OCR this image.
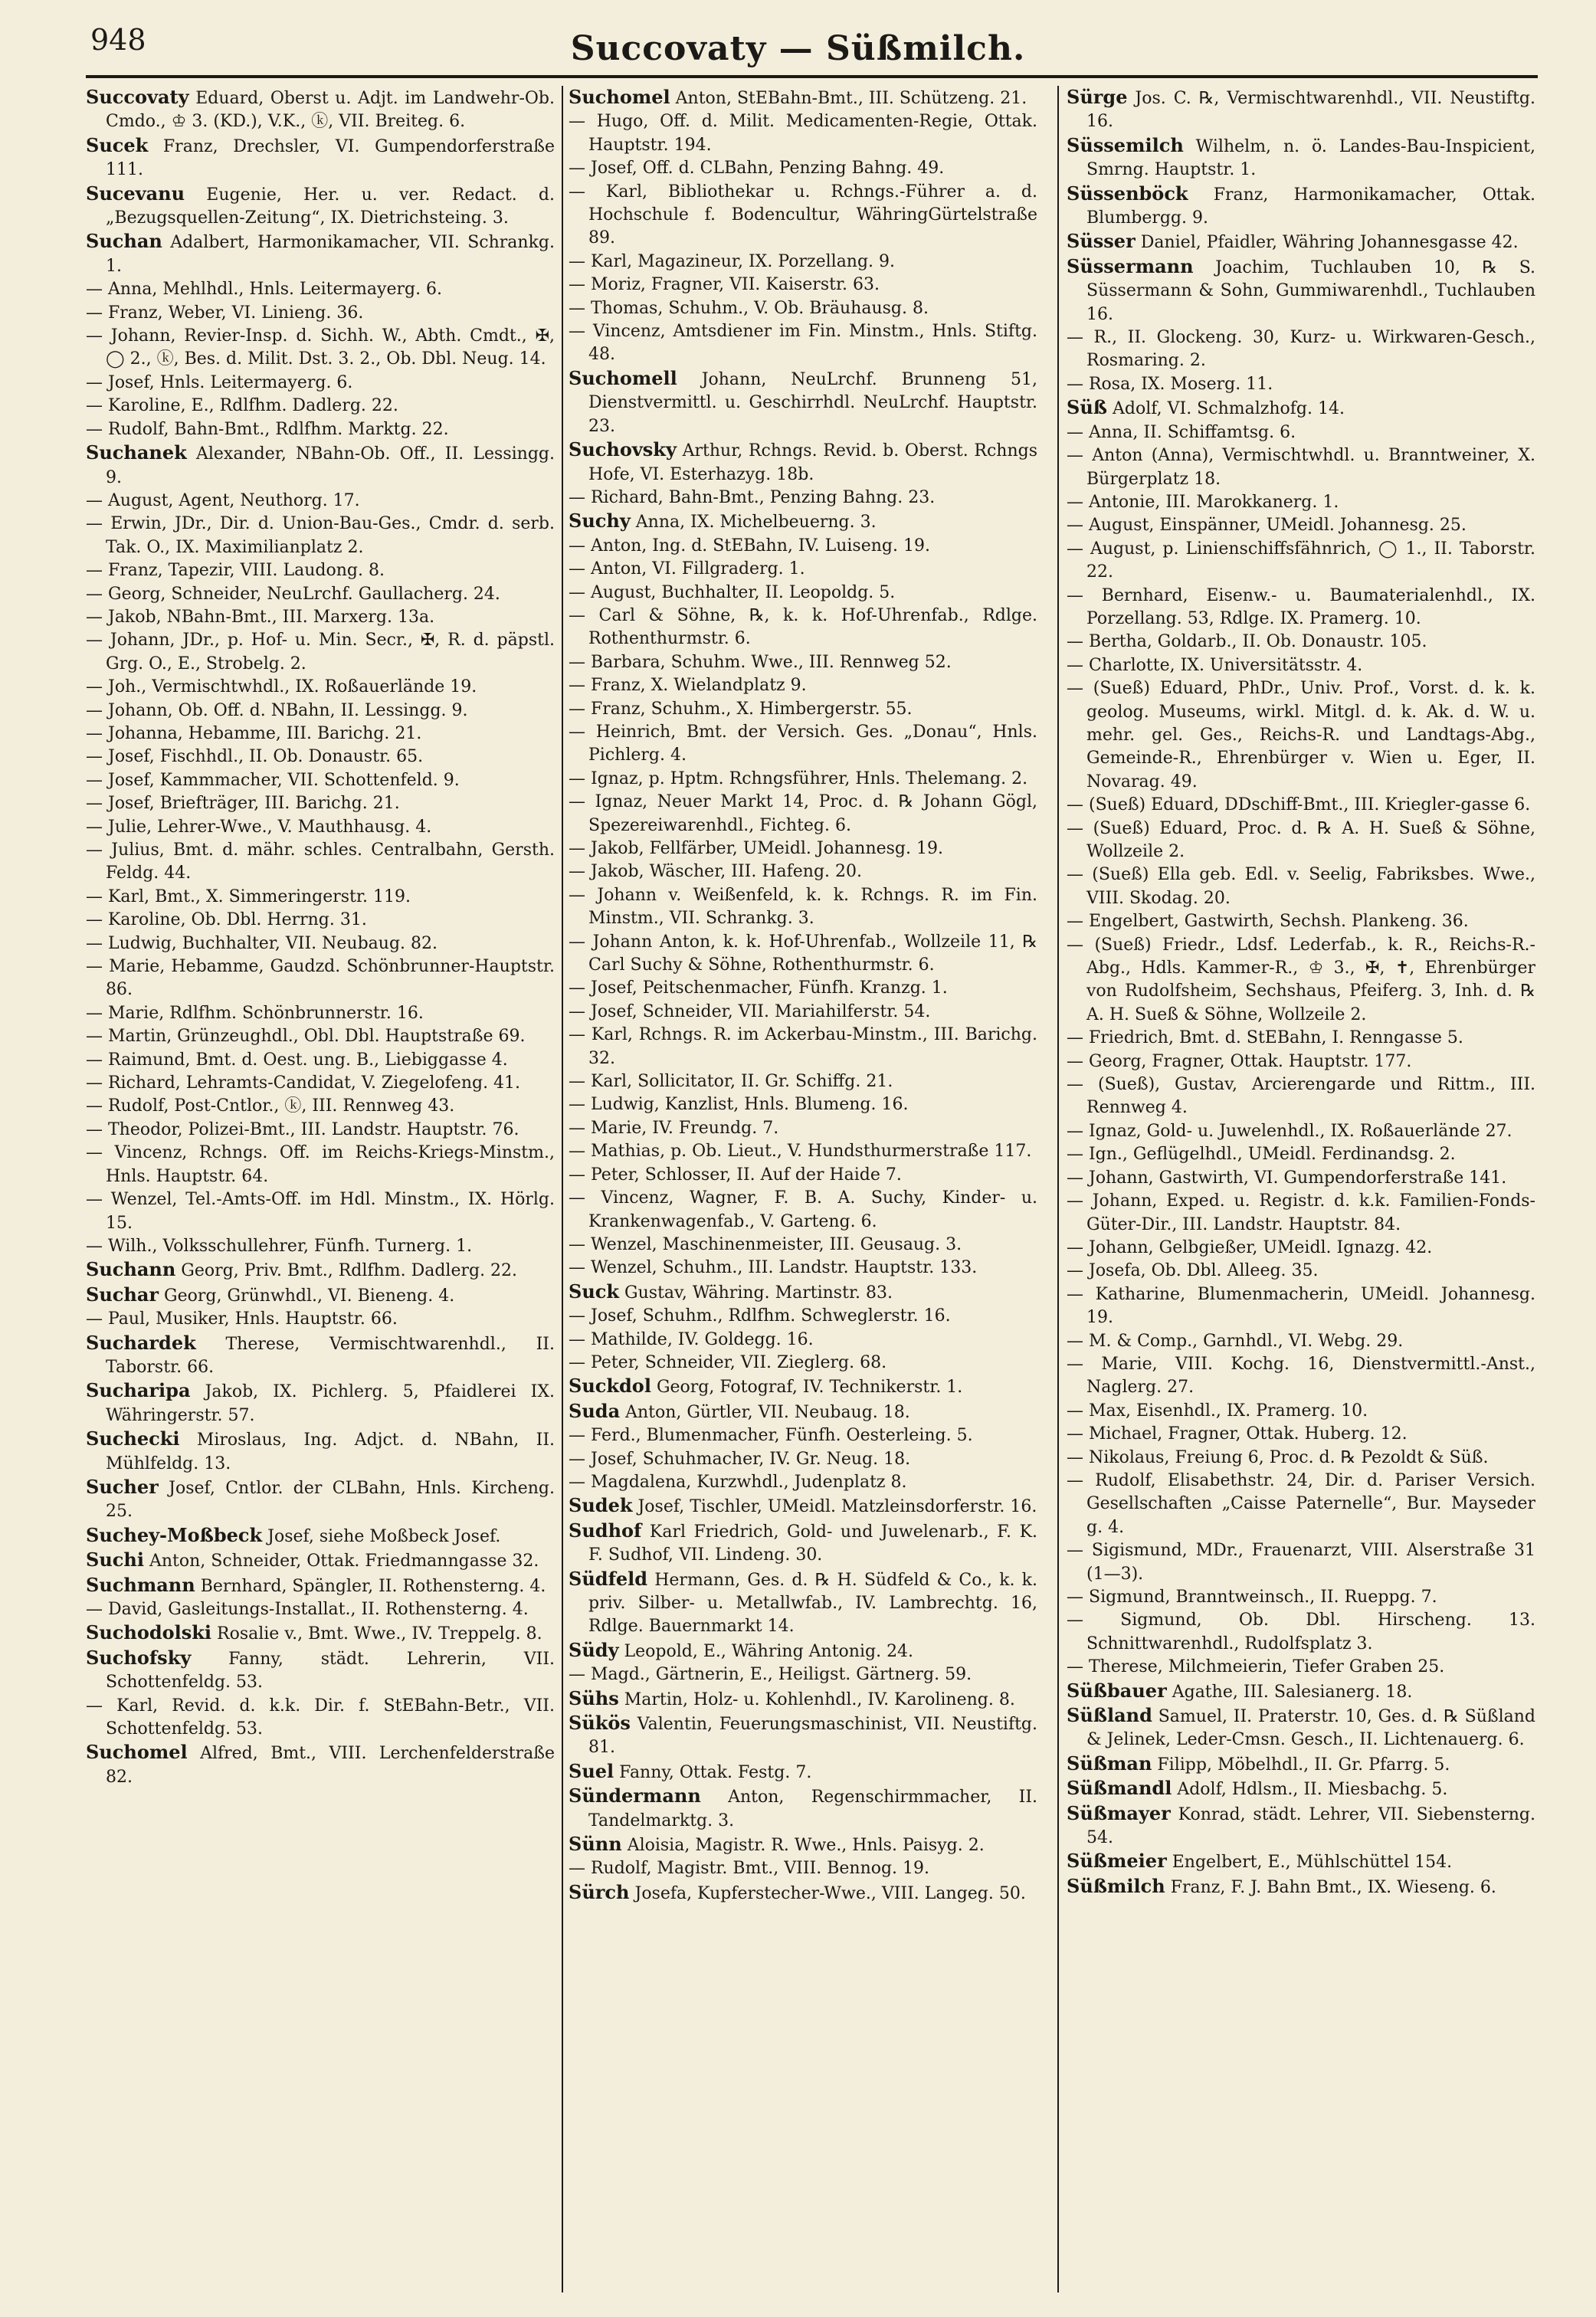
948	Succovaty — Süßmilch.

Succovaty Eduard, Oberst u. Adjt. im Landwehr-Ob. Cmdo., ♔ 3. (KD.), V.K., ⓚ, VII. Breiteg. 6.

Sucek Franz, Drechsler, VI. Gumpendorferstraße 111.

Sucevanu Eugenie, Her. u. ver. Redact. d. „Bezugsquellen-Zeitung“, IX. Dietrichsteing. 3.

Suchan Adalbert, Harmonikamacher, VII. Schrankg. 1.

— Anna, Mehlhdl., Hnls. Leitermayerg. 6.

— Franz, Weber, VI. Linieng. 36.

— Johann, Revier-Insp. d. Sichh. W., Abth. Cmdt., ✠, ◯ 2., ⓚ, Bes. d. Milit. Dst. 3. 2., Ob. Dbl. Neug. 14.

— Josef, Hnls. Leitermayerg. 6.

— Karoline, E., Rdlfhm. Dadlerg. 22.

— Rudolf, Bahn-Bmt., Rdlfhm. Marktg. 22.

Suchanek Alexander, NBahn-Ob. Off., II. Lessingg. 9.

— August, Agent, Neuthorg. 17.

— Erwin, JDr., Dir. d. Union-Bau-Ges., Cmdr. d. serb. Tak. O., IX. Maximilianplatz 2.

— Franz, Tapezir, VIII. Laudong. 8.

— Georg, Schneider, NeuLrchf. Gaullacherg. 24.

— Jakob, NBahn-Bmt., III. Marxerg. 13a.

— Johann, JDr., p. Hof- u. Min. Secr., ✠, R. d. päpstl. Grg. O., E., Strobelg. 2.

— Joh., Vermischtwhdl., IX. Roßauerlände 19.

— Johann, Ob. Off. d. NBahn, II. Lessingg. 9.

— Johanna, Hebamme, III. Barichg. 21.

— Josef, Fischhdl., II. Ob. Donaustr. 65.

— Josef, Kammmacher, VII. Schottenfeld. 9.

— Josef, Briefträger, III. Barichg. 21.

— Julie, Lehrer-Wwe., V. Mauthhausg. 4.

— Julius, Bmt. d. mähr. schles. Centralbahn, Gersth. Feldg. 44.

— Karl, Bmt., X. Simmeringerstr. 119.

— Karoline, Ob. Dbl. Herrng. 31.

— Ludwig, Buchhalter, VII. Neubaug. 82.

— Marie, Hebamme, Gaudzd. Schönbrunner-Hauptstr. 86.

— Marie, Rdlfhm. Schönbrunnerstr. 16.

— Martin, Grünzeughdl., Obl. Dbl. Hauptstraße 69.

— Raimund, Bmt. d. Oest. ung. B., Liebiggasse 4.

— Richard, Lehramts-Candidat, V. Ziegelofeng. 41.

— Rudolf, Post-Cntlor., ⓚ, III. Rennweg 43.

— Theodor, Polizei-Bmt., III. Landstr. Hauptstr. 76.

— Vincenz, Rchngs. Off. im Reichs-Kriegs-Minstm., Hnls. Hauptstr. 64.

— Wenzel, Tel.-Amts-Off. im Hdl. Minstm., IX. Hörlg. 15.

— Wilh., Volksschullehrer, Fünfh. Turnerg. 1.

Suchann Georg, Priv. Bmt., Rdlfhm. Dadlerg. 22.

Suchar Georg, Grünwhdl., VI. Bieneng. 4.

— Paul, Musiker, Hnls. Hauptstr. 66.

Suchardek Therese, Vermischtwarenhdl., II. Taborstr. 66.

Sucharipa Jakob, IX. Pichlerg. 5, Pfaidlerei IX. Währingerstr. 57.

Suchecki Miroslaus, Ing. Adjct. d. NBahn, II. Mühlfeldg. 13.

Sucher Josef, Cntlor. der CLBahn, Hnls. Kircheng. 25.

Suchey-Moßbeck Josef, siehe Moßbeck Josef.

Suchi Anton, Schneider, Ottak. Friedmanngasse 32.

Suchmann Bernhard, Spängler, II. Rothensterng. 4.

— David, Gasleitungs-Installat., II. Rothensterng. 4.

Suchodolski Rosalie v., Bmt. Wwe., IV. Treppelg. 8.

Suchofsky Fanny, städt. Lehrerin, VII. Schottenfeldg. 53.

— Karl, Revid. d. k.k. Dir. f. StEBahn-Betr., VII. Schottenfeldg. 53.

Suchomel Alfred, Bmt., VIII. Lerchenfelderstraße 82.

Suchomel Anton, StEBahn-Bmt., III. Schützeng. 21.

— Hugo, Off. d. Milit. Medicamenten-Regie, Ottak. Hauptstr. 194.

— Josef, Off. d. CLBahn, Penzing Bahng. 49.

— Karl, Bibliothekar u. Rchngs.-Führer a. d. Hochschule f. Bodencultur, WähringGürtelstraße 89.

— Karl, Magazineur, IX. Porzellang. 9.

— Moriz, Fragner, VII. Kaiserstr. 63.

— Thomas, Schuhm., V. Ob. Bräuhausg. 8.

— Vincenz, Amtsdiener im Fin. Minstm., Hnls. Stiftg. 48.

Suchomell Johann, NeuLrchf. Brunneng 51, Dienstvermittl. u. Geschirrhdl. NeuLrchf. Hauptstr. 23.

Suchovsky Arthur, Rchngs. Revid. b. Oberst. Rchngs Hofe, VI. Esterhazyg. 18b.

— Richard, Bahn-Bmt., Penzing Bahng. 23.

Suchy Anna, IX. Michelbeuerng. 3.

— Anton, Ing. d. StEBahn, IV. Luiseng. 19.

— Anton, VI. Fillgraderg. 1.

— August, Buchhalter, II. Leopoldg. 5.

— Carl & Söhne, ℞, k. k. Hof-Uhrenfab., Rdlge. Rothenthurmstr. 6.

— Barbara, Schuhm. Wwe., III. Rennweg 52.

— Franz, X. Wielandplatz 9.

— Franz, Schuhm., X. Himbergerstr. 55.

— Heinrich, Bmt. der Versich. Ges. „Donau“, Hnls. Pichlerg. 4.

— Ignaz, p. Hptm. Rchngsführer, Hnls. Thelemang. 2.

— Ignaz, Neuer Markt 14, Proc. d. ℞ Johann Gögl, Spezereiwarenhdl., Fichteg. 6.

— Jakob, Fellfärber, UMeidl. Johannesg. 19.

— Jakob, Wäscher, III. Hafeng. 20.

— Johann v. Weißenfeld, k. k. Rchngs. R. im Fin. Minstm., VII. Schrankg. 3.

— Johann Anton, k. k. Hof-Uhrenfab., Wollzeile 11, ℞ Carl Suchy & Söhne, Rothenthurmstr. 6.

— Josef, Peitschenmacher, Fünfh. Kranzg. 1.

— Josef, Schneider, VII. Mariahilferstr. 54.

— Karl, Rchngs. R. im Ackerbau-Minstm., III. Barichg. 32.

— Karl, Sollicitator, II. Gr. Schiffg. 21.

— Ludwig, Kanzlist, Hnls. Blumeng. 16.

— Marie, IV. Freundg. 7.

— Mathias, p. Ob. Lieut., V. Hundsthurmerstraße 117.

— Peter, Schlosser, II. Auf der Haide 7.

— Vincenz, Wagner, F. B. A. Suchy, Kinder- u. Krankenwagenfab., V. Garteng. 6.

— Wenzel, Maschinenmeister, III. Geusaug. 3.

— Wenzel, Schuhm., III. Landstr. Hauptstr. 133.

Suck Gustav, Währing. Martinstr. 83.

— Josef, Schuhm., Rdlfhm. Schweglerstr. 16.

— Mathilde, IV. Goldegg. 16.

— Peter, Schneider, VII. Zieglerg. 68.

Suckdol Georg, Fotograf, IV. Technikerstr. 1.

Suda Anton, Gürtler, VII. Neubaug. 18.

— Ferd., Blumenmacher, Fünfh. Oesterleing. 5.

— Josef, Schuhmacher, IV. Gr. Neug. 18.

— Magdalena, Kurzwhdl., Judenplatz 8.

Sudek Josef, Tischler, UMeidl. Matzleinsdorferstr. 16.

Sudhof Karl Friedrich, Gold- und Juwelenarb., F. K. F. Sudhof, VII. Lindeng. 30.

Südfeld Hermann, Ges. d. ℞ H. Südfeld & Co., k. k. priv. Silber- u. Metallwfab., IV. Lambrechtg. 16, Rdlge. Bauernmarkt 14.

Südy Leopold, E., Währing Antonig. 24.

— Magd., Gärtnerin, E., Heiligst. Gärtnerg. 59.

Sühs Martin, Holz- u. Kohlenhdl., IV. Karolineng. 8.

Sükös Valentin, Feuerungsmaschinist, VII. Neustiftg. 81.

Suel Fanny, Ottak. Festg. 7.

Sündermann Anton, Regenschirmmacher, II. Tandelmarktg. 3.

Sünn Aloisia, Magistr. R. Wwe., Hnls. Paisyg. 2.

— Rudolf, Magistr. Bmt., VIII. Bennog. 19.

Sürch Josefa, Kupferstecher-Wwe., VIII. Langeg. 50.

Sürge Jos. C. ℞, Vermischtwarenhdl., VII. Neustiftg. 16.

Süssemilch Wilhelm, n. ö. Landes-Bau-Inspicient, Smrng. Hauptstr. 1.

Süssenböck Franz, Harmonikamacher, Ottak. Blumbergg. 9.

Süsser Daniel, Pfaidler, Währing Johannesgasse 42.

Süssermann Joachim, Tuchlauben 10, ℞ S. Süssermann & Sohn, Gummiwarenhdl., Tuchlauben 16.

— R., II. Glockeng. 30, Kurz- u. Wirkwaren-Gesch., Rosmaring. 2.

— Rosa, IX. Moserg. 11.

Süß Adolf, VI. Schmalzhofg. 14.

— Anna, II. Schiffamtsg. 6.

— Anton (Anna), Vermischtwhdl. u. Branntweiner, X. Bürgerplatz 18.

— Antonie, III. Marokkanerg. 1.

— August, Einspänner, UMeidl. Johannesg. 25.

— August, p. Linienschiffsfähnrich, ◯ 1., II. Taborstr. 22.

— Bernhard, Eisenw.- u. Baumaterialenhdl., IX. Porzellang. 53, Rdlge. IX. Pramerg. 10.

— Bertha, Goldarb., II. Ob. Donaustr. 105.

— Charlotte, IX. Universitätsstr. 4.

— (Sueß) Eduard, PhDr., Univ. Prof., Vorst. d. k. k. geolog. Museums, wirkl. Mitgl. d. k. Ak. d. W. u. mehr. gel. Ges., Reichs-R. und Landtags-Abg., Gemeinde-R., Ehrenbürger v. Wien u. Eger, II. Novarag. 49.

— (Sueß) Eduard, DDschiff-Bmt., III. Kriegler-gasse 6.

— (Sueß) Eduard, Proc. d. ℞ A. H. Sueß & Söhne, Wollzeile 2.

— (Sueß) Ella geb. Edl. v. Seelig, Fabriksbes. Wwe., VIII. Skodag. 20.

— Engelbert, Gastwirth, Sechsh. Plankeng. 36.

— (Sueß) Friedr., Ldsf. Lederfab., k. R., Reichs-R.-Abg., Hdls. Kammer-R., ♔ 3., ✠, ✝, Ehrenbürger von Rudolfsheim, Sechshaus, Pfeiferg. 3, Inh. d. ℞ A. H. Sueß & Söhne, Wollzeile 2.

— Friedrich, Bmt. d. StEBahn, I. Renngasse 5.

— Georg, Fragner, Ottak. Hauptstr. 177.

— (Sueß), Gustav, Arcierengarde und Rittm., III. Rennweg 4.

— Ignaz, Gold- u. Juwelenhdl., IX. Roßauerlände 27.

— Ign., Geflügelhdl., UMeidl. Ferdinandsg. 2.

— Johann, Gastwirth, VI. Gumpendorferstraße 141.

— Johann, Exped. u. Registr. d. k.k. Familien-Fonds-Güter-Dir., III. Landstr. Hauptstr. 84.

— Johann, Gelbgießer, UMeidl. Ignazg. 42.

— Josefa, Ob. Dbl. Alleeg. 35.

— Katharine, Blumenmacherin, UMeidl. Johannesg. 19.

— M. & Comp., Garnhdl., VI. Webg. 29.

— Marie, VIII. Kochg. 16, Dienstvermittl.-Anst., Naglerg. 27.

— Max, Eisenhdl., IX. Pramerg. 10.

— Michael, Fragner, Ottak. Huberg. 12.

— Nikolaus, Freiung 6, Proc. d. ℞ Pezoldt & Süß.

— Rudolf, Elisabethstr. 24, Dir. d. Pariser Versich. Gesellschaften „Caisse Paternelle“, Bur. Mayseder g. 4.

— Sigismund, MDr., Frauenarzt, VIII. Alserstraße 31 (1—3).

— Sigmund, Branntweinsch., II. Rueppg. 7.

— Sigmund, Ob. Dbl. Hirscheng. 13. Schnittwarenhdl., Rudolfsplatz 3.

— Therese, Milchmeierin, Tiefer Graben 25.

Süßbauer Agathe, III. Salesianerg. 18.

Süßland Samuel, II. Praterstr. 10, Ges. d. ℞ Süßland & Jelinek, Leder-Cmsn. Gesch., II. Lichtenauerg. 6.

Süßman Filipp, Möbelhdl., II. Gr. Pfarrg. 5.

Süßmandl Adolf, Hdlsm., II. Miesbachg. 5.

Süßmayer Konrad, städt. Lehrer, VII. Siebensterng. 54.

Süßmeier Engelbert, E., Mühlschüttel 154.

Süßmilch Franz, F. J. Bahn Bmt., IX. Wieseng. 6.
